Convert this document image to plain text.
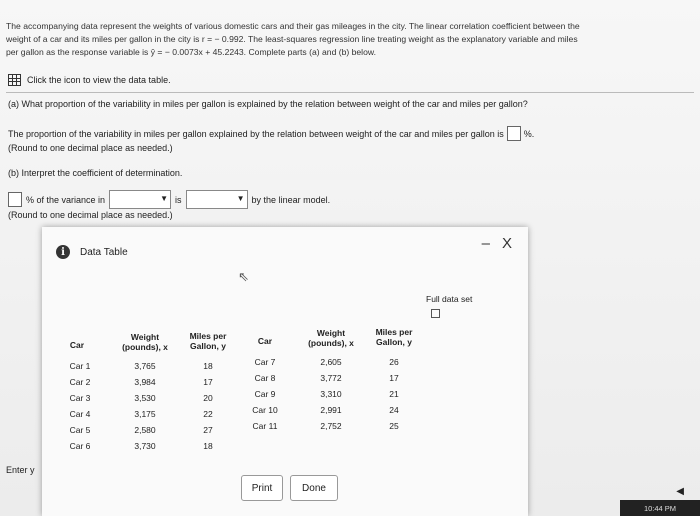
The accompanying data represent the weights of various domestic cars and their gas mileages in the city. The linear correlation coefficient between the

weight of a car and its miles per gallon in the city is r = − 0.992. The least-squares regression line treating weight as the explanatory variable and miles

per gallon as the response variable is ŷ = − 0.0073x + 45.2243. Complete parts (a) and (b) below.

Click the icon to view the data table.
(a) What proportion of the variability in miles per gallon is explained by the relation between weight of the car and miles per gallon?
The proportion of the variability in miles per gallon explained by the relation between weight of the car and miles per gallon is %.
(Round to one decimal place as needed.)
(b) Interpret the coefficient of determination.
% of the variance in	▼ is	▼ by the linear model.
(Round to one decimal place as needed.)
Enter y
i	Data Table	– X
⇖
Full data set
Car
Weight
(pounds), x
Miles per
Gallon, y	Car
Weight
(pounds), x
Miles per
Gallon, y
Car 1	3,765	18
Car 2	3,984	17
Car 3	3,530	20
Car 4	3,175	22
Car 5	2,580	27
Car 6	3,730	18
Car 7	2,605	26
Car 8	3,772	17
Car 9	3,310	21
Car 10	2,991	24
Car 11	2,752	25
Print	Done	◀
10:44 PM
